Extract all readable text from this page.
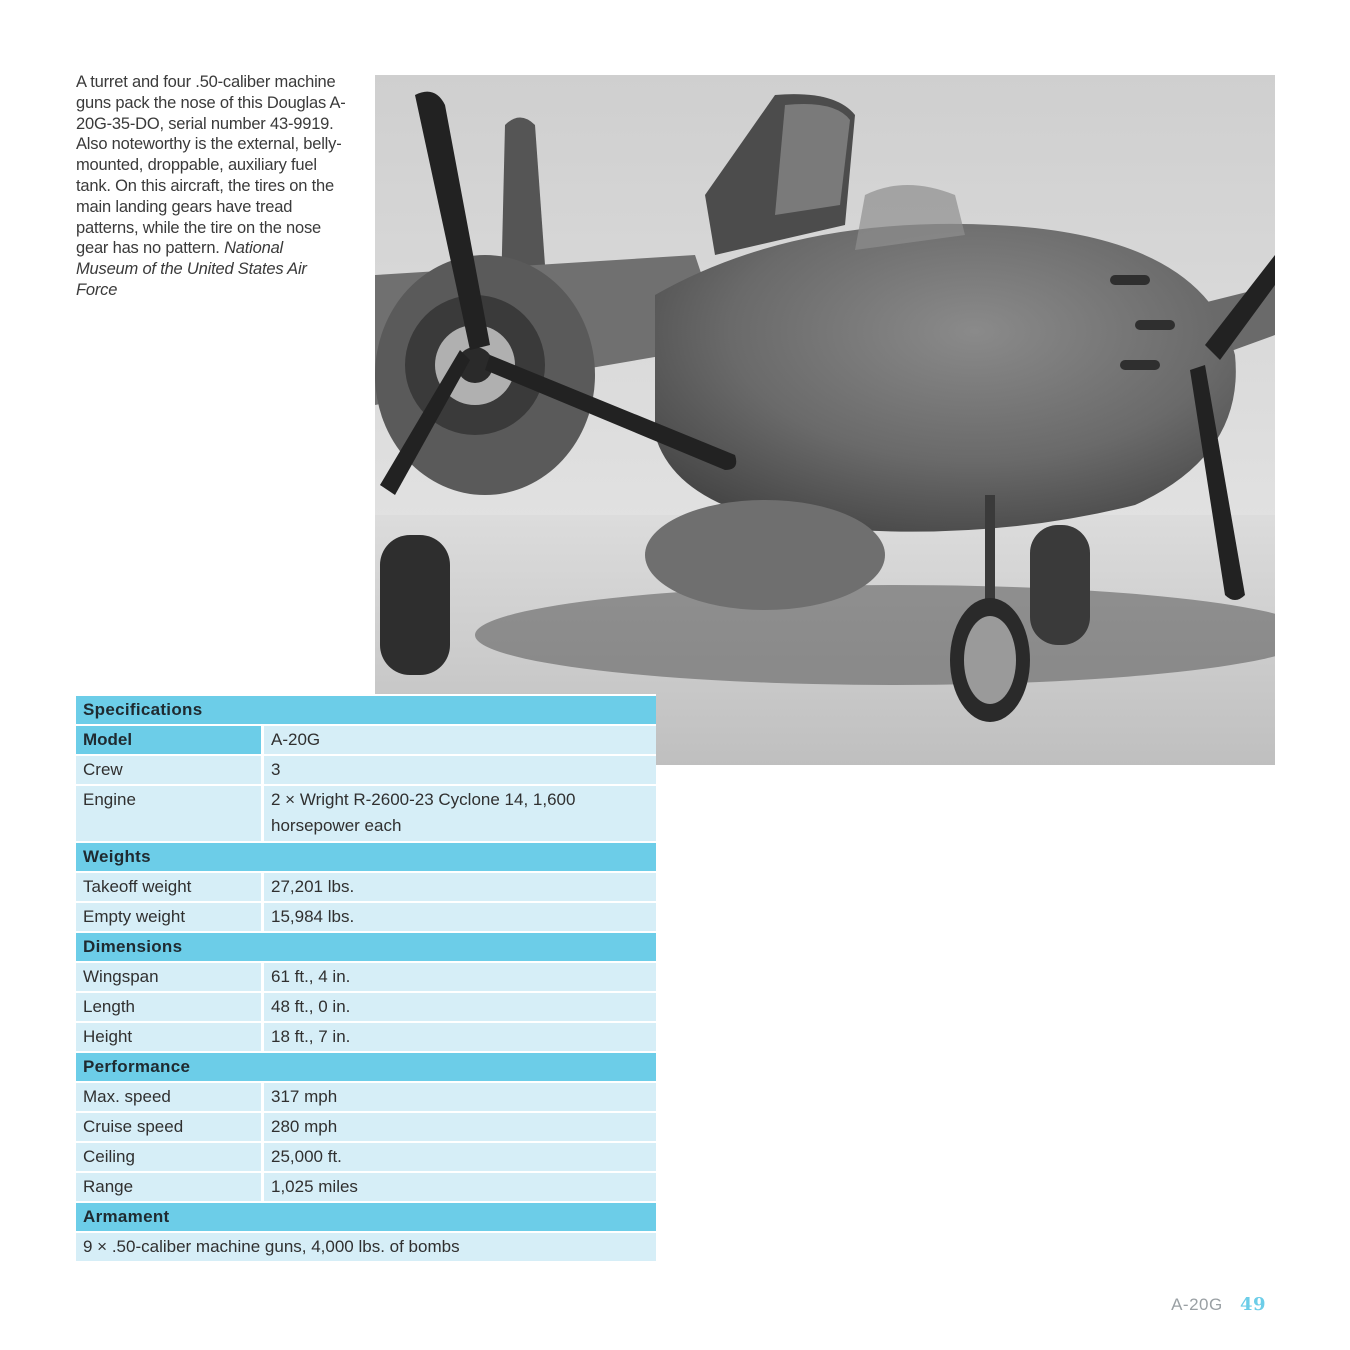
A turret and four .50-caliber machine guns pack the nose of this Douglas A-20G-35-DO, serial number 43-9919. Also noteworthy is the external, belly-mounted, droppable, auxiliary fuel tank. On this aircraft, the tires on the main landing gears have tread patterns, while the tire on the nose gear has no pattern. National Museum of the United States Air Force
Specifications	
Model	A-20G
Crew	3
Engine	2 × Wright R-2600-23 Cyclone 14, 1,600 horsepower each
Weights	
Takeoff weight	27,201 lbs.
Empty weight	15,984 lbs.
Dimensions	
Wingspan	61 ft., 4 in.
Length	48 ft., 0 in.
Height	18 ft., 7 in.
Performance	
Max. speed	317 mph
Cruise speed	280 mph
Ceiling	25,000 ft.
Range	1,025 miles
Armament	
9 × .50-caliber machine guns, 4,000 lbs. of bombs	
A-20G 49
